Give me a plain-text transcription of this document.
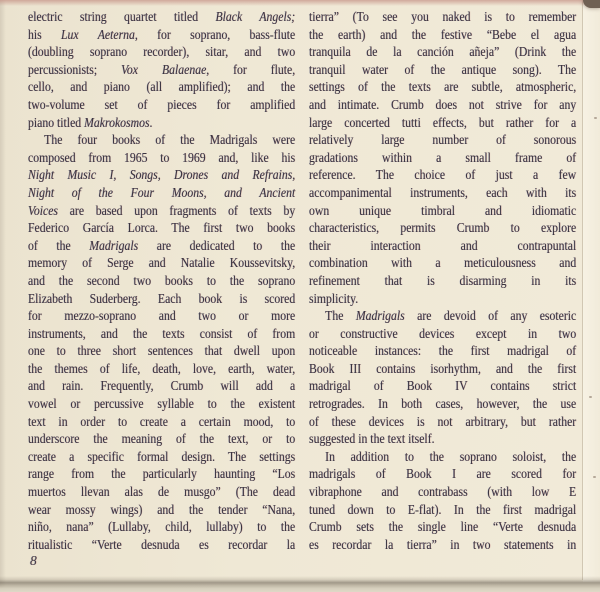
electric string quartet titled Black Angels;
his Lux Aeterna, for soprano, bass-flute
(doubling soprano recorder), sitar, and two
percussionists; Vox Balaenae, for flute,
cello, and piano (all amplified); and the
two-volume set of pieces for amplified
piano titled Makrokosmos.
The four books of the Madrigals were
composed from 1965 to 1969 and, like his
Night Music I, Songs, Drones and Refrains,
Night of the Four Moons, and Ancient
Voices are based upon fragments of texts by
Federico García Lorca. The first two books
of the Madrigals are dedicated to the
memory of Serge and Natalie Koussevitsky,
and the second two books to the soprano
Elizabeth Suderberg. Each book is scored
for mezzo-soprano and two or more
instruments, and the texts consist of from
one to three short sentences that dwell upon
the themes of life, death, love, earth, water,
and rain. Frequently, Crumb will add a
vowel or percussive syllable to the existent
text in order to create a certain mood, to
underscore the meaning of the text, or to
create a specific formal design. The settings
range from the particularly haunting “Los
muertos llevan alas de musgo” (The dead
wear mossy wings) and the tender “Nana,
niño, nana” (Lullaby, child, lullaby) to the
ritualistic “Verte desnuda es recordar la
tierra” (To see you naked is to remember
the earth) and the festive “Bebe el agua
tranquila de la canción añeja” (Drink the
tranquil water of the antique song). The
settings of the texts are subtle, atmospheric,
and intimate. Crumb does not strive for any
large concerted tutti effects, but rather for a
relatively large number of sonorous
gradations within a small frame of
reference. The choice of just a few
accompanimental instruments, each with its
own unique timbral and idiomatic
characteristics, permits Crumb to explore
their interaction and contrapuntal
combination with a meticulousness and
refinement that is disarming in its
simplicity.
The Madrigals are devoid of any esoteric
or constructive devices except in two
noticeable instances: the first madrigal of
Book III contains isorhythm, and the first
madrigal of Book IV contains strict
retrogrades. In both cases, however, the use
of these devices is not arbitrary, but rather
suggested in the text itself.
In addition to the soprano soloist, the
madrigals of Book I are scored for
vibraphone and contrabass (with low E
tuned down to E-flat). In the first madrigal
Crumb sets the single line “Verte desnuda
es recordar la tierra” in two statements in
8
